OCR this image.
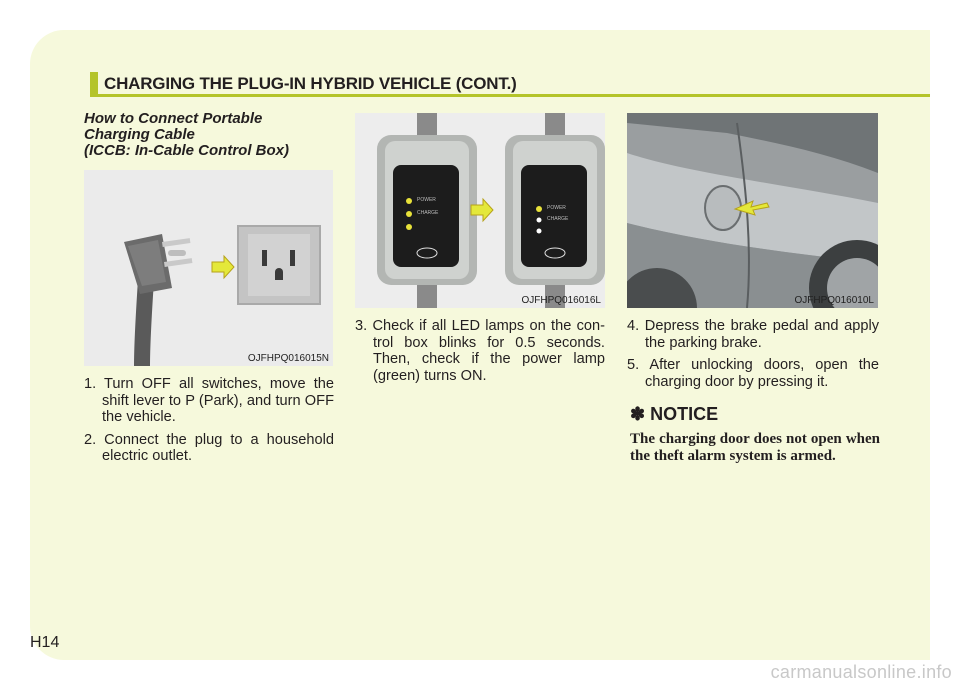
CHARGING THE PLUG-IN HYBRID VEHICLE (CONT.)
How to Connect Portable
Charging Cable
(ICCB: In-Cable Control Box)
OJFHPQ016015N
POWER
CHARGE
POWER
CHARGE
OJFHPQ016016L	OJFHPQ016010L

1. Turn OFF all switches, move the shift lever to P (Park), and turn OFF the vehicle.

2. Connect the plug to a household electric outlet.

3. Check if all LED lamps on the con-trol box blinks for 0.5 seconds. Then, check if the power lamp (green) turns ON.

4. Depress the brake pedal and apply the parking brake.

5. After unlocking doors, open the charging door by pressing it.

✽ NOTICE
The charging door does not open when the theft alarm system is armed.
H14
carmanualsonline.info
